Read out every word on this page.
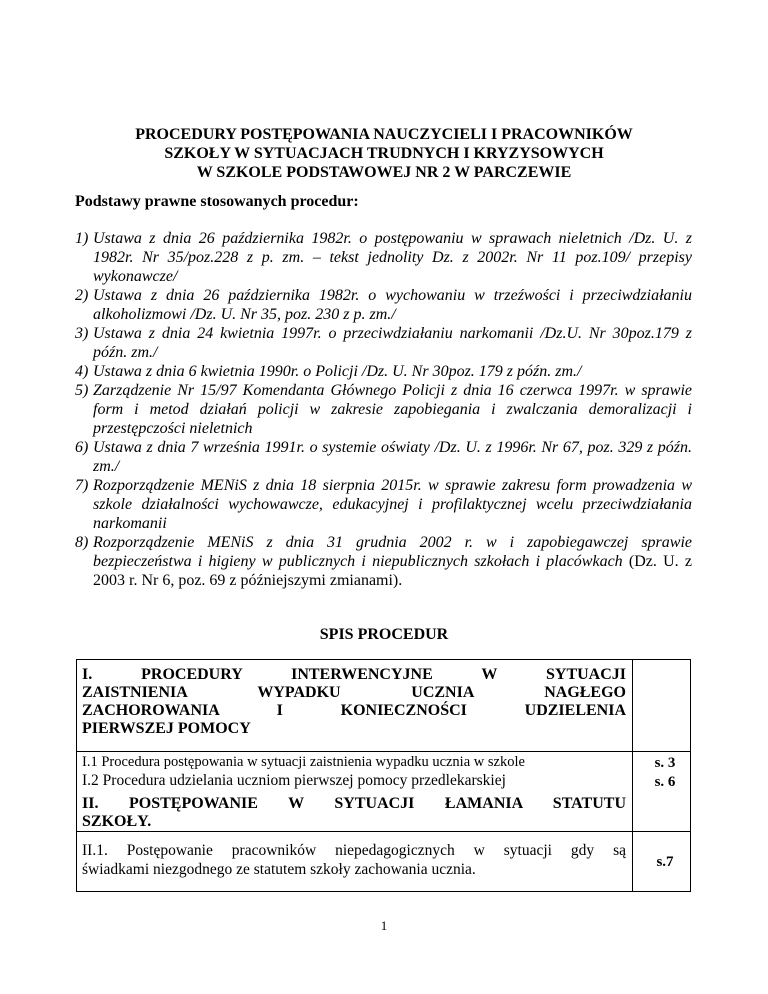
PROCEDURY POSTĘPOWANIA NAUCZYCIELI I PRACOWNIKÓW
SZKOŁY W SYTUACJACH TRUDNYCH I KRYZYSOWYCH
W SZKOLE PODSTAWOWEJ NR 2 W PARCZEWIE
Podstawy prawne stosowanych procedur:
1) Ustawa z dnia 26 października 1982r. o postępowaniu w sprawach nieletnich /Dz. U. z 1982r. Nr 35/poz.228 z p. zm. – tekst jednolity Dz. z 2002r. Nr 11 poz.109/ przepisy wykonawcze/
2) Ustawa z dnia 26 października 1982r. o wychowaniu w trzeźwości i przeciwdziałaniu alkoholizmowi /Dz. U. Nr 35, poz. 230 z p. zm./
3) Ustawa z dnia 24 kwietnia 1997r. o przeciwdziałaniu narkomanii /Dz.U. Nr 30poz.179 z późn. zm./
4) Ustawa z dnia 6 kwietnia 1990r. o Policji /Dz. U. Nr 30poz. 179 z późn. zm./
5) Zarządzenie Nr 15/97 Komendanta Głównego Policji z dnia 16 czerwca 1997r. w sprawie form i metod działań policji w zakresie zapobiegania i zwalczania demoralizacji i przestępczości nieletnich
6) Ustawa z dnia 7 września 1991r. o systemie oświaty /Dz. U. z 1996r. Nr 67, poz. 329 z późn. zm./
7) Rozporządzenie MENiS z dnia 18 sierpnia 2015r. w sprawie zakresu form prowadzenia w szkole działalności wychowawcze, edukacyjnej i profilaktycznej wcelu przeciwdziałania narkomanii
8) Rozporządzenie MENiS z dnia 31 grudnia 2002 r. w i zapobiegawczej sprawie bezpieczeństwa i higieny w publicznych i niepublicznych szkołach i placówkach (Dz. U. z 2003 r. Nr 6, poz. 69 z późniejszymi zmianami).
SPIS PROCEDUR
I. PROCEDURY INTERWENCYJNE W SYTUACJI
ZAISTNIENIA WYPADKU UCZNIA NAGŁEGO
ZACHOROWANIA I KONIECZNOŚCI UDZIELENIA
PIERWSZEJ POMOCY
I.1 Procedura postępowania w sytuacji zaistnienia wypadku ucznia w szkole	s. 3
I.2 Procedura udzielania uczniom pierwszej pomocy przedlekarskiej	s. 6
II. POSTĘPOWANIE W SYTUACJI ŁAMANIA STATUTU
SZKOŁY.
II.1. Postępowanie pracowników niepedagogicznych w sytuacji gdy są
świadkami niezgodnego ze statutem szkoły zachowania ucznia.	s.7
1
